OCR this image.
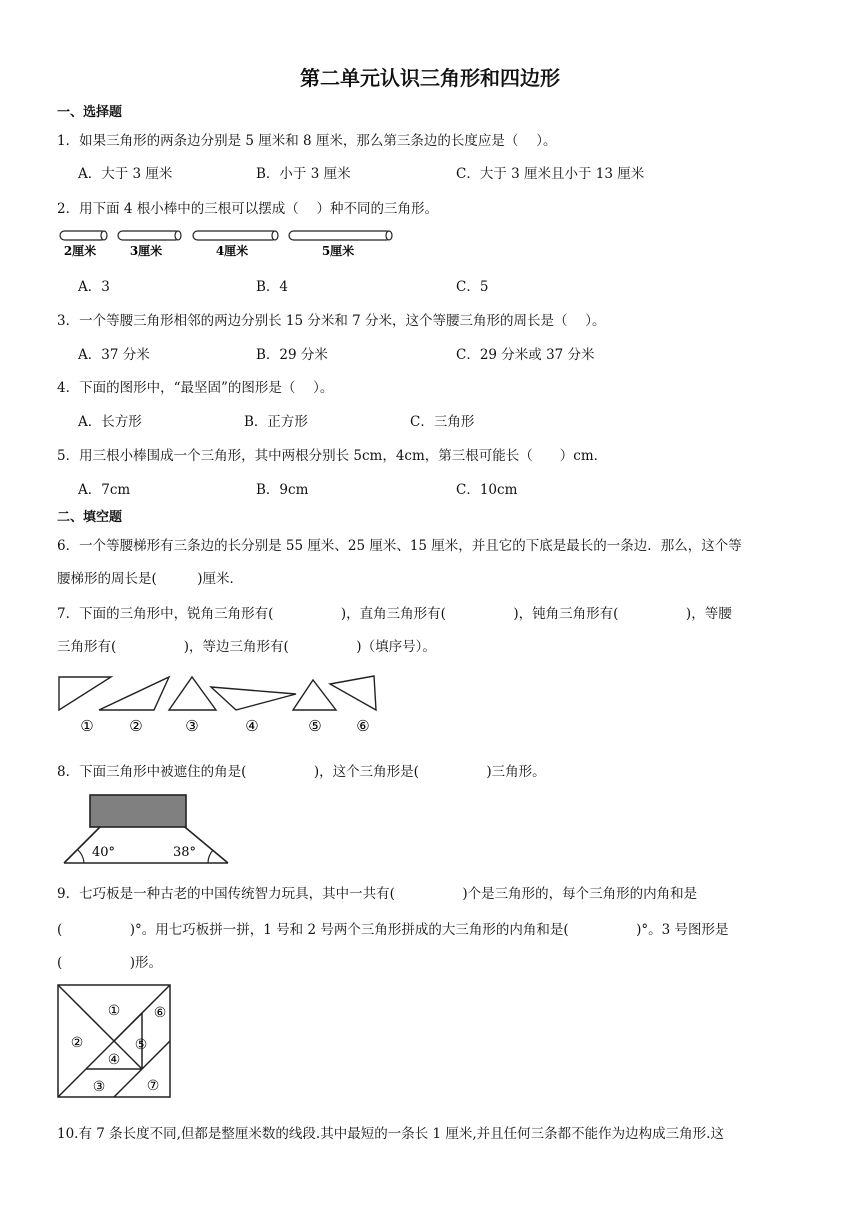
第二单元认识三角形和四边形
一、选择题
1．如果三角形的两条边分别是 5 厘米和 8 厘米，那么第三条边的长度应是（　 ）。
A．大于 3 厘米	B．小于 3 厘米	C．大于 3 厘米且小于 13 厘米
2．用下面 4 根小棒中的三根可以摆成（　 ）种不同的三角形。
2厘米	3厘米	4厘米	5厘米
A．3	B．4	C．5
3．一个等腰三角形相邻的两边分别长 15 分米和 7 分米，这个等腰三角形的周长是（　 ）。
A．37 分米	B．29 分米	C．29 分米或 37 分米
4．下面的图形中，“最坚固”的图形是（　 ）。
A．长方形	B．正方形	C．三角形
5．用三根小棒围成一个三角形，其中两根分别长 5cm，4cm，第三根可能长（　　）cm．
A．7cm	B．9cm	C．10cm
二、填空题
6．一个等腰梯形有三条边的长分别是 55 厘米、25 厘米、15 厘米，并且它的下底是最长的一条边．那么，这个等
腰梯形的周长是(　　　)厘米．
7．下面的三角形中，锐角三角形有(　　　　　)，直角三角形有(　　　　　)，钝角三角形有(　　　　　)，等腰
三角形有(　　　　　)，等边三角形有(　　　　　)（填序号）。
① ②	③	④	⑤ ⑥
8．下面三角形中被遮住的角是(　　　　　)，这个三角形是(　　　　　)三角形。
40°	38°
9．七巧板是一种古老的中国传统智力玩具，其中一共有(　　　　　)个是三角形的，每个三角形的内角和是
(　　　　　)°。用七巧板拼一拼，1 号和 2 号两个三角形拼成的大三角形的内角和是(　　　　　)°。3 号图形是
(　　　　　)形。
①
②
③
④
⑤
⑥
⑦
10.有 7 条长度不同,但都是整厘米数的线段.其中最短的一条长 1 厘米,并且任何三条都不能作为边构成三角形.这
